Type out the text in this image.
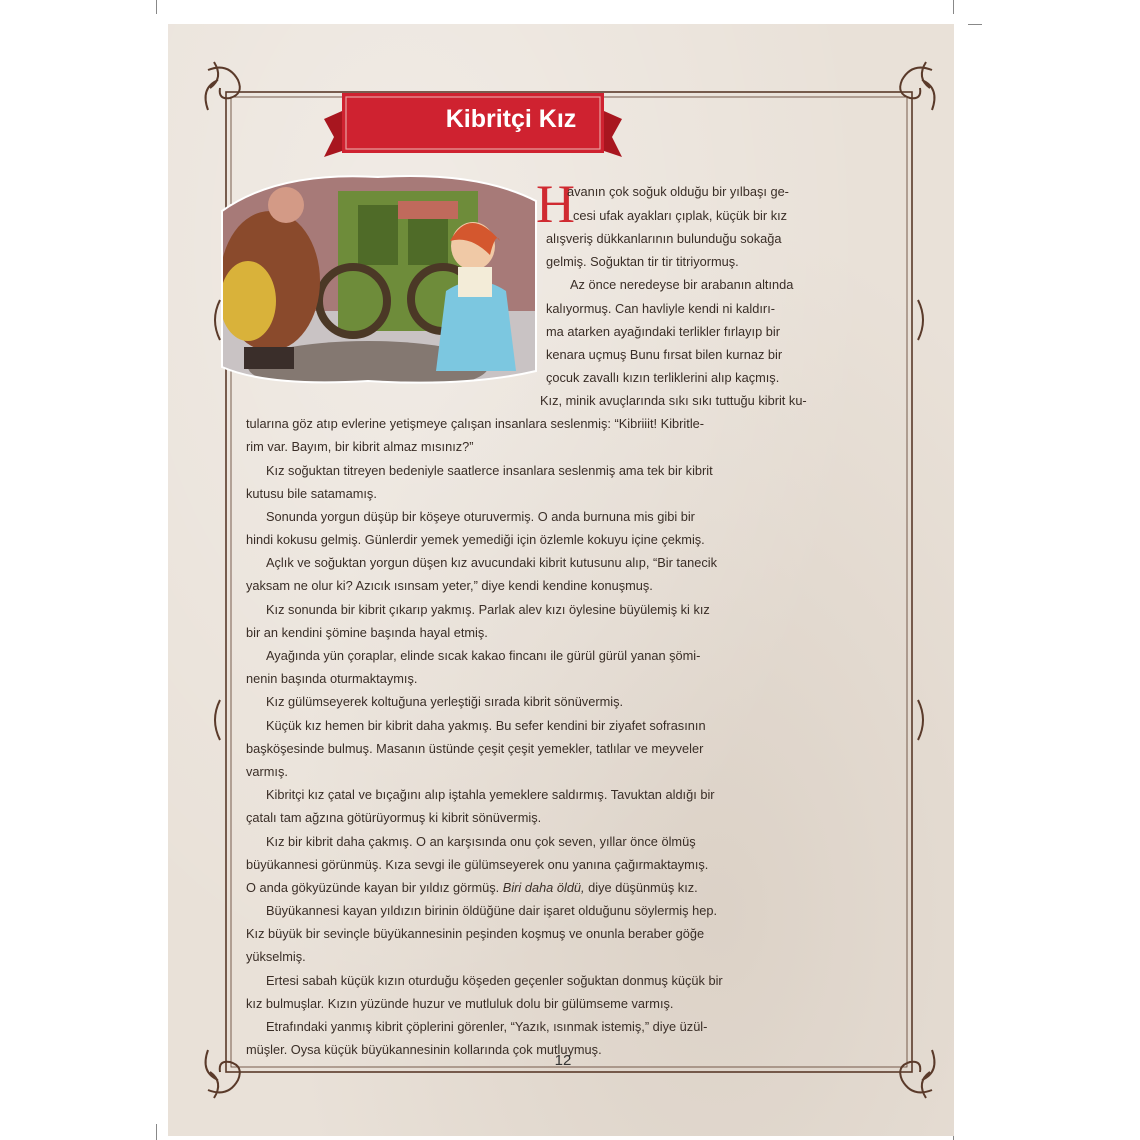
Kibritçi Kız
H
avanın çok soğuk olduğu bir yılbaşı ge-
cesi ufak ayakları çıplak, küçük bir kız
alışveriş dükkanlarının bulunduğu sokağa
gelmiş. Soğuktan tir tir titriyormuş.
Az önce neredeyse bir arabanın altında
kalıyormuş. Can havliyle kendi ni kaldırı-
ma atarken ayağındaki terlikler fırlayıp bir
kenara uçmuş Bunu fırsat bilen kurnaz bir
çocuk zavallı kızın terliklerini alıp kaçmış.
Kız, minik avuçlarında sıkı sıkı tuttuğu kibrit ku-
tularına göz atıp evlerine yetişmeye çalışan insanlara seslenmiş: “Kibriiit! Kibritle-
rim var. Bayım, bir kibrit almaz mısınız?”
Kız soğuktan titreyen bedeniyle saatlerce insanlara seslenmiş ama tek bir kibrit
kutusu bile satamamış.
Sonunda yorgun düşüp bir köşeye oturuvermiş. O anda burnuna mis gibi bir
hindi kokusu gelmiş. Günlerdir yemek yemediği için özlemle kokuyu içine çekmiş.
Açlık ve soğuktan yorgun düşen kız avucundaki kibrit kutusunu alıp, “Bir tanecik
yaksam ne olur ki? Azıcık ısınsam yeter,” diye kendi kendine konuşmuş.
Kız sonunda bir kibrit çıkarıp yakmış. Parlak alev kızı öylesine büyülemiş ki kız
bir an kendini şömine başında hayal etmiş.
Ayağında yün çoraplar, elinde sıcak kakao fincanı ile gürül gürül yanan şömi-
nenin başında oturmaktaymış.
Kız gülümseyerek koltuğuna yerleştiği sırada kibrit sönüvermiş.
Küçük kız hemen bir kibrit daha yakmış. Bu sefer kendini bir ziyafet sofrasının
başköşesinde bulmuş. Masanın üstünde çeşit çeşit yemekler, tatlılar ve meyveler
varmış.
Kibritçi kız çatal ve bıçağını alıp iştahla yemeklere saldırmış. Tavuktan aldığı bir
çatalı tam ağzına götürüyormuş ki kibrit sönüvermiş.
Kız bir kibrit daha çakmış. O an karşısında onu çok seven, yıllar önce ölmüş
büyükannesi görünmüş. Kıza sevgi ile gülümseyerek onu yanına çağırmaktaymış.
O anda gökyüzünde kayan bir yıldız görmüş. Biri daha öldü, diye düşünmüş kız.
Büyükannesi kayan yıldızın birinin öldüğüne dair işaret olduğunu söylermiş hep.
Kız büyük bir sevinçle büyükannesinin peşinden koşmuş ve onunla beraber göğe
yükselmiş.
Ertesi sabah küçük kızın oturduğu köşeden geçenler soğuktan donmuş küçük bir
kız bulmuşlar. Kızın yüzünde huzur ve mutluluk dolu bir gülümseme varmış.
Etrafındaki yanmış kibrit çöplerini görenler, “Yazık, ısınmak istemiş,” diye üzül-
müşler. Oysa küçük büyükannesinin kollarında çok mutluymuş.
12
